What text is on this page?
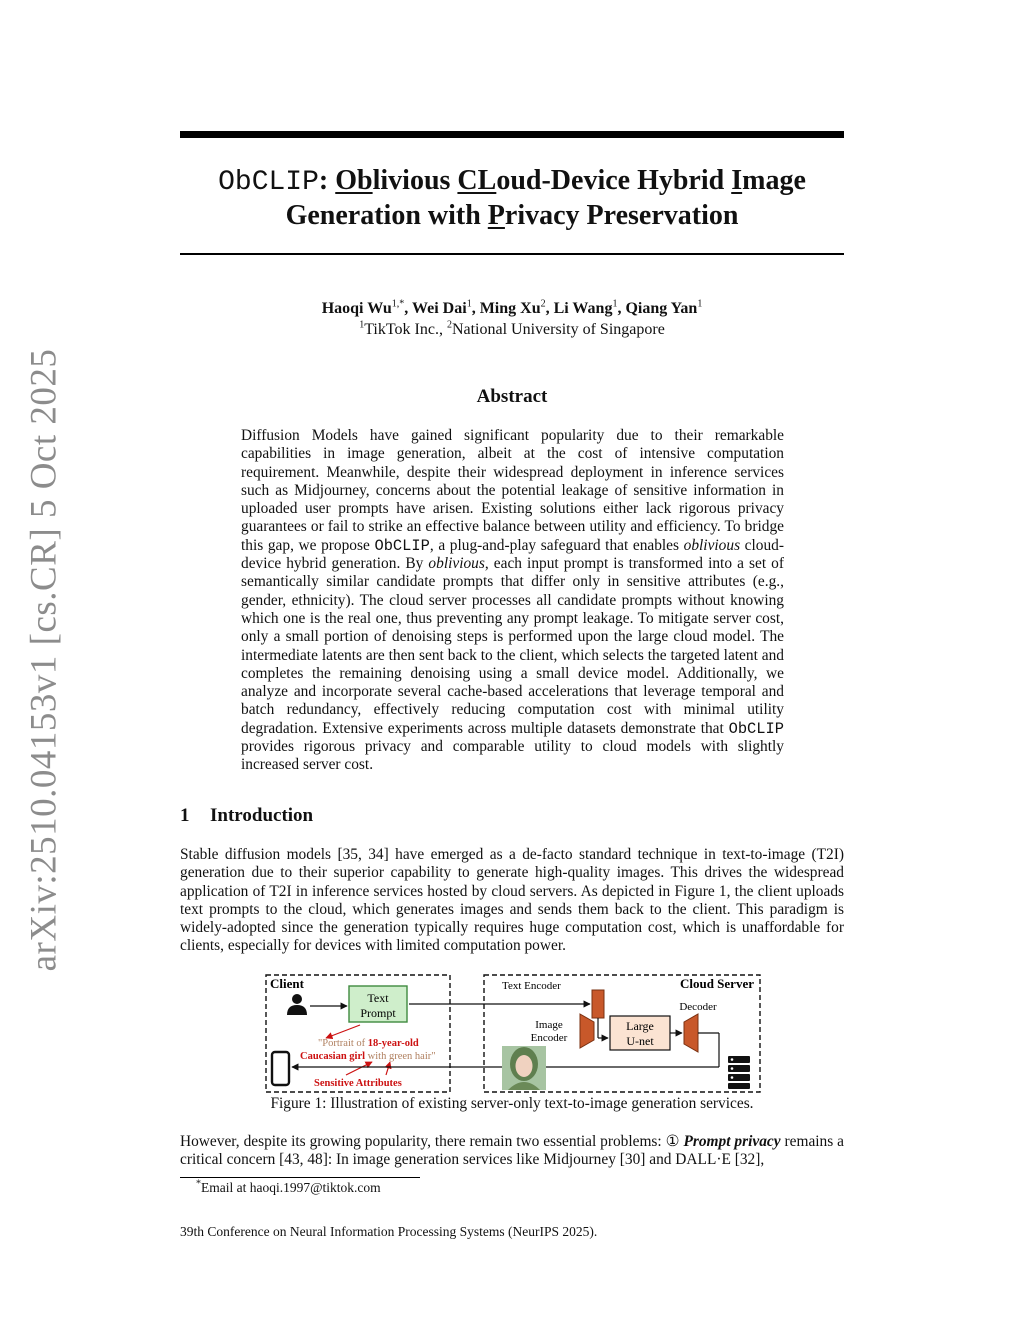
arXiv:2510.04153v1 [cs.CR] 5 Oct 2025
ObCLIP: Oblivious CLoud-Device Hybrid Image
Generation with Privacy Preservation
Haoqi $Wu^{1,*}$, Wei Dai$^1$, Ming Xu$^2$, Li Wang$^1$, Qiang Yan$^1$
$^1$TikTok Inc., $^2$National University of Singapore
Abstract
Diffusion Models have gained significant popularity due to their remarkable capabilities in image generation, albeit at the cost of intensive computation requirement. Meanwhile, despite their widespread deployment in inference services such as Midjourney, concerns about the potential leakage of sensitive information in uploaded user prompts have arisen. Existing solutions either lack rigorous privacy guarantees or fail to strike an effective balance between utility and efficiency. To bridge this gap, we propose ObCLIP, a plug-and-play safeguard that enables oblivious cloud-device hybrid generation. By oblivious, each input prompt is transformed into a set of semantically similar candidate prompts that differ only in sensitive attributes (e.g., gender, ethnicity). The cloud server processes all candidate prompts without knowing which one is the real one, thus preventing any prompt leakage. To mitigate server cost, only a small portion of denoising steps is performed upon the large cloud model. The intermediate latents are then sent back to the client, which selects the targeted latent and completes the remaining denoising using a small device model. Additionally, we analyze and incorporate several cache-based accelerations that leverage temporal and batch redundancy, effectively reducing computation cost with minimal utility degradation. Extensive experiments across multiple datasets demonstrate that ObCLIP provides rigorous privacy and comparable utility to cloud models with slightly increased server cost.
1 Introduction
Stable diffusion models [35, 34] have emerged as a de-facto standard technique in text-to-image (T2I) generation due to their superior capability to generate high-quality images. This drives the widespread application of T2I in inference services hosted by cloud servers. As depicted in Figure 1, the client uploads text prompts to the cloud, which generates images and sends them back to the client. This paradigm is widely-adopted since the generation typically requires huge computation cost, which is unaffordable for clients, especially for devices with limited computation power.
Client
Text
Prompt
"Portrait of 18-year-old
Caucasian girl with green hair"
Sensitive Attributes
Text Encoder	Cloud Server
Decoder
Image
Encoder
Large
U-net
Figure 1: Illustration of existing server-only text-to-image generation services.
However, despite its growing popularity, there remain two essential problems: ① Prompt privacy remains a critical concern [43, 48]: In image generation services like Midjourney [30] and DALL·E [32],
*Email at haoqi.1997@tiktok.com
39th Conference on Neural Information Processing Systems (NeurIPS 2025).
